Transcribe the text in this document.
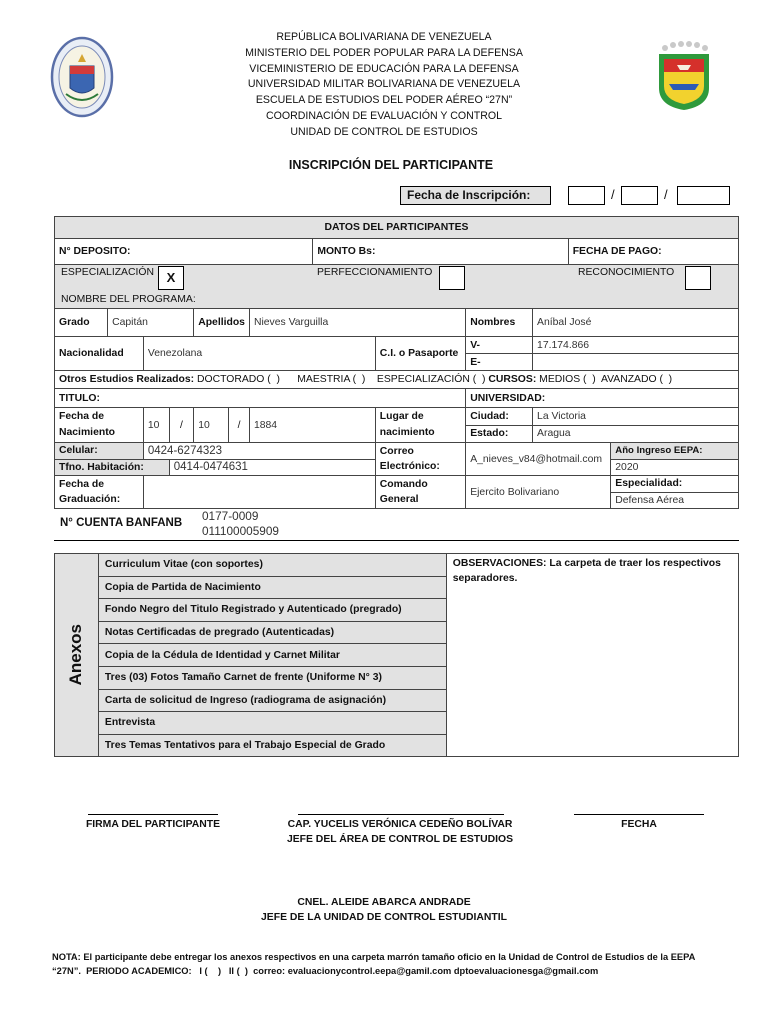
REPÚBLICA BOLIVARIANA DE VENEZUELA
MINISTERIO DEL PODER POPULAR PARA LA DEFENSA
VICEMINISTERIO DE EDUCACIÓN PARA LA DEFENSA
UNIVERSIDAD MILITAR BOLIVARIANA DE VENEZUELA
ESCUELA DE ESTUDIOS DEL PODER AÉREO “27N”
COORDINACIÓN DE EVALUACIÓN Y CONTROL
UNIDAD DE CONTROL DE ESTUDIOS
INSCRIPCIÓN DEL PARTICIPANTE
Fecha de Inscripción:	/	/
DATOS DEL PARTICIPANTES												
N° DEPOSITO:							MONTO Bs:				FECHA DE PAGO:	

ESPECIALIZACIÓN X PERFECCIONAMIENTO RECONOCIMIENTO
NOMBRE DEL PROGRAMA:												

Grado	Capitán			Apellidos		Nieves Varguilla			Nombres	Aníbal José		
Nacionalidad		Venezolana						C.I. o Pasaporte	V-	17.174.866		
									E-			
Otros Estudios Realizados: DOCTORADO (  )      MAESTRIA (  )    ESPECIALIZACIÓN (  ) CURSOS: MEDIOS (  )  AVANZADO (  )												
TITULO:									UNIVERSIDAD:			
Fecha de Nacimiento		10	/	10	/	1884		Lugar de nacimiento	Ciudad:	La Victoria		
									Estado:	Aragua		
Celular:		0424-6274323						Correo Electrónico:	A_nieves_v84@hotmail.com			Año Ingreso EEPA:
Tfno. Habitación:			0414-0474631									2020
Fecha de Graduación:								Comando General	Ejercito Bolivariano			Especialidad:
												Defensa Aérea
N° CUENTA BANFANB 0177-0009
011100005909
Anexos
	Curriculum Vitae (con soportes)	OBSERVACIONES: La carpeta de traer los respectivos separadores.
Copia de Partida de Nacimiento
Fondo Negro del Titulo Registrado y Autenticado (pregrado)
Notas Certificadas de pregrado (Autenticadas)
Copia de la Cédula de Identidad y Carnet Militar
Tres (03) Fotos Tamaño Carnet de frente (Uniforme N° 3)
Carta de solicitud de Ingreso (radiograma de asignación)
Entrevista
Tres Temas Tentativos para el Trabajo Especial de Grado
FIRMA DEL PARTICIPANTE	CAP. YUCELIS VERÓNICA CEDEÑO BOLÍVAR
JEFE DEL ÁREA DE CONTROL DE ESTUDIOS
FECHA
CNEL. ALEIDE ABARCA ANDRADE
JEFE DE LA UNIDAD DE CONTROL ESTUDIANTIL
NOTA: El participante debe entregar los anexos respectivos en una carpeta marrón tamaño oficio en la Unidad de Control de Estudios de la EEPA
“27N”.  PERIODO ACADEMICO:   I (    )   II (  )  correo: evaluacionycontrol.eepa@gamil.com dptoevaluacionesga@gmail.com
